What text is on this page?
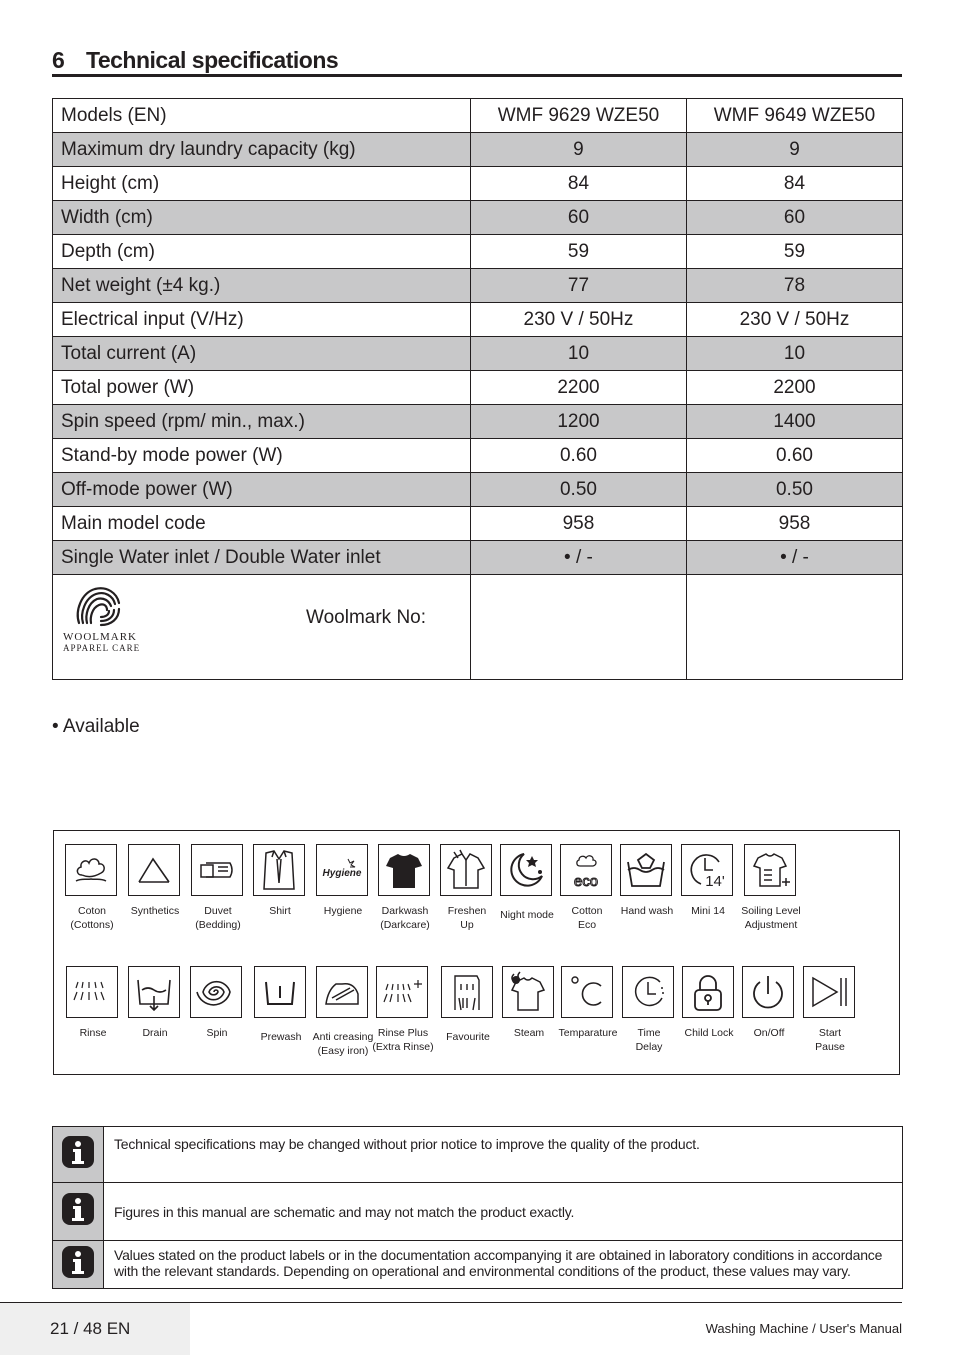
6 Technical specifications
Models (EN)	WMF 9629 WZE50	WMF 9649 WZE50
Maximum dry laundry capacity (kg)	9	9
Height (cm)	84	84
Width (cm)	60	60
Depth (cm)	59	59
Net weight (±4 kg.)	77	78
Electrical input (V/Hz)	230 V / 50Hz	230 V / 50Hz
Total current (A)	10	10
Total power (W)	2200	2200
Spin speed (rpm/ min., max.)	1200	1400
Stand-by mode power (W)	0.60	0.60
Off-mode power (W)	0.50	0.50
Main model code	958	958
Single Water inlet / Double Water inlet	• / -	• / -

WOOLMARK
APPAREL CARE
Woolmark No:		

• Available
Coton
(Cottons)
Synthetics	Duvet
(Bedding)
Shirt
Hygiene
Hygiene	Darkwash
(Darkcare)
Freshen
Up
Night mode
eco
Cotton
Eco
Hand wash
14'
Mini 14	Soiling Level
Adjustment
Rinse	Drain	Spin	Prewash	Anti creasing
(Easy iron)
Rinse Plus
(Extra Rinse)
Favourite	Steam	Temparature	Time
Delay
Child Lock	On/Off	Start
Pause
	Technical specifications may be changed without prior notice to improve the quality of the product.
	Figures in this manual are schematic and may not match the product exactly.
	Values stated on the product labels or in the documentation accompanying it are obtained in laboratory conditions in accordance with the relevant standards. Depending on operational and environmental conditions of the product, these values may vary.
21 / 48 EN	Washing Machine / User's Manual
